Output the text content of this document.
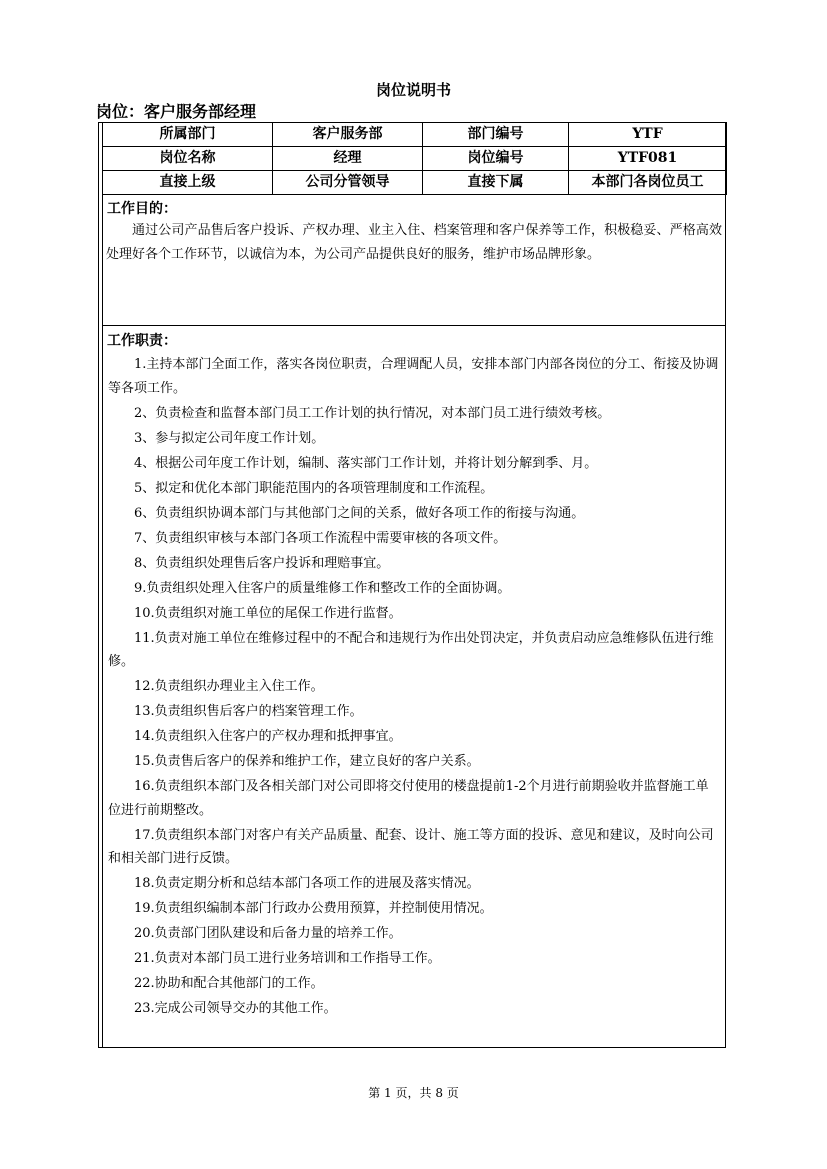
岗位说明书
岗位：客户服务部经理
所属部门	客户服务部	部门编号	YTF
岗位名称	经理	岗位编号	YTF081
直接上级	公司分管领导	直接下属	本部门各岗位员工
工作目的：

通过公司产品售后客户投诉、产权办理、业主入住、档案管理和客户保养等工作，积极稳妥、严格高效处理好各个工作环节，以诚信为本，为公司产品提供良好的服务，维护市场品牌形象。

工作职责：

1.主持本部门全面工作，落实各岗位职责，合理调配人员，安排本部门内部各岗位的分工、衔接及协调等各项工作。

2、负责检查和监督本部门员工工作计划的执行情况，对本部门员工进行绩效考核。

3、参与拟定公司年度工作计划。

4、根据公司年度工作计划，编制、落实部门工作计划，并将计划分解到季、月。

5、拟定和优化本部门职能范围内的各项管理制度和工作流程。

6、负责组织协调本部门与其他部门之间的关系，做好各项工作的衔接与沟通。

7、负责组织审核与本部门各项工作流程中需要审核的各项文件。

8、负责组织处理售后客户投诉和理赔事宜。

9.负责组织处理入住客户的质量维修工作和整改工作的全面协调。

10.负责组织对施工单位的尾保工作进行监督。

11.负责对施工单位在维修过程中的不配合和违规行为作出处罚决定，并负责启动应急维修队伍进行维修。

12.负责组织办理业主入住工作。

13.负责组织售后客户的档案管理工作。

14.负责组织入住客户的产权办理和抵押事宜。

15.负责售后客户的保养和维护工作，建立良好的客户关系。

16.负责组织本部门及各相关部门对公司即将交付使用的楼盘提前1-2个月进行前期验收并监督施工单位进行前期整改。

17.负责组织本部门对客户有关产品质量、配套、设计、施工等方面的投诉、意见和建议，及时向公司和相关部门进行反馈。

18.负责定期分析和总结本部门各项工作的进展及落实情况。

19.负责组织编制本部门行政办公费用预算，并控制使用情况。

20.负责部门团队建设和后备力量的培养工作。

21.负责对本部门员工进行业务培训和工作指导工作。

22.协助和配合其他部门的工作。

23.完成公司领导交办的其他工作。

第 1 页，共 8 页
